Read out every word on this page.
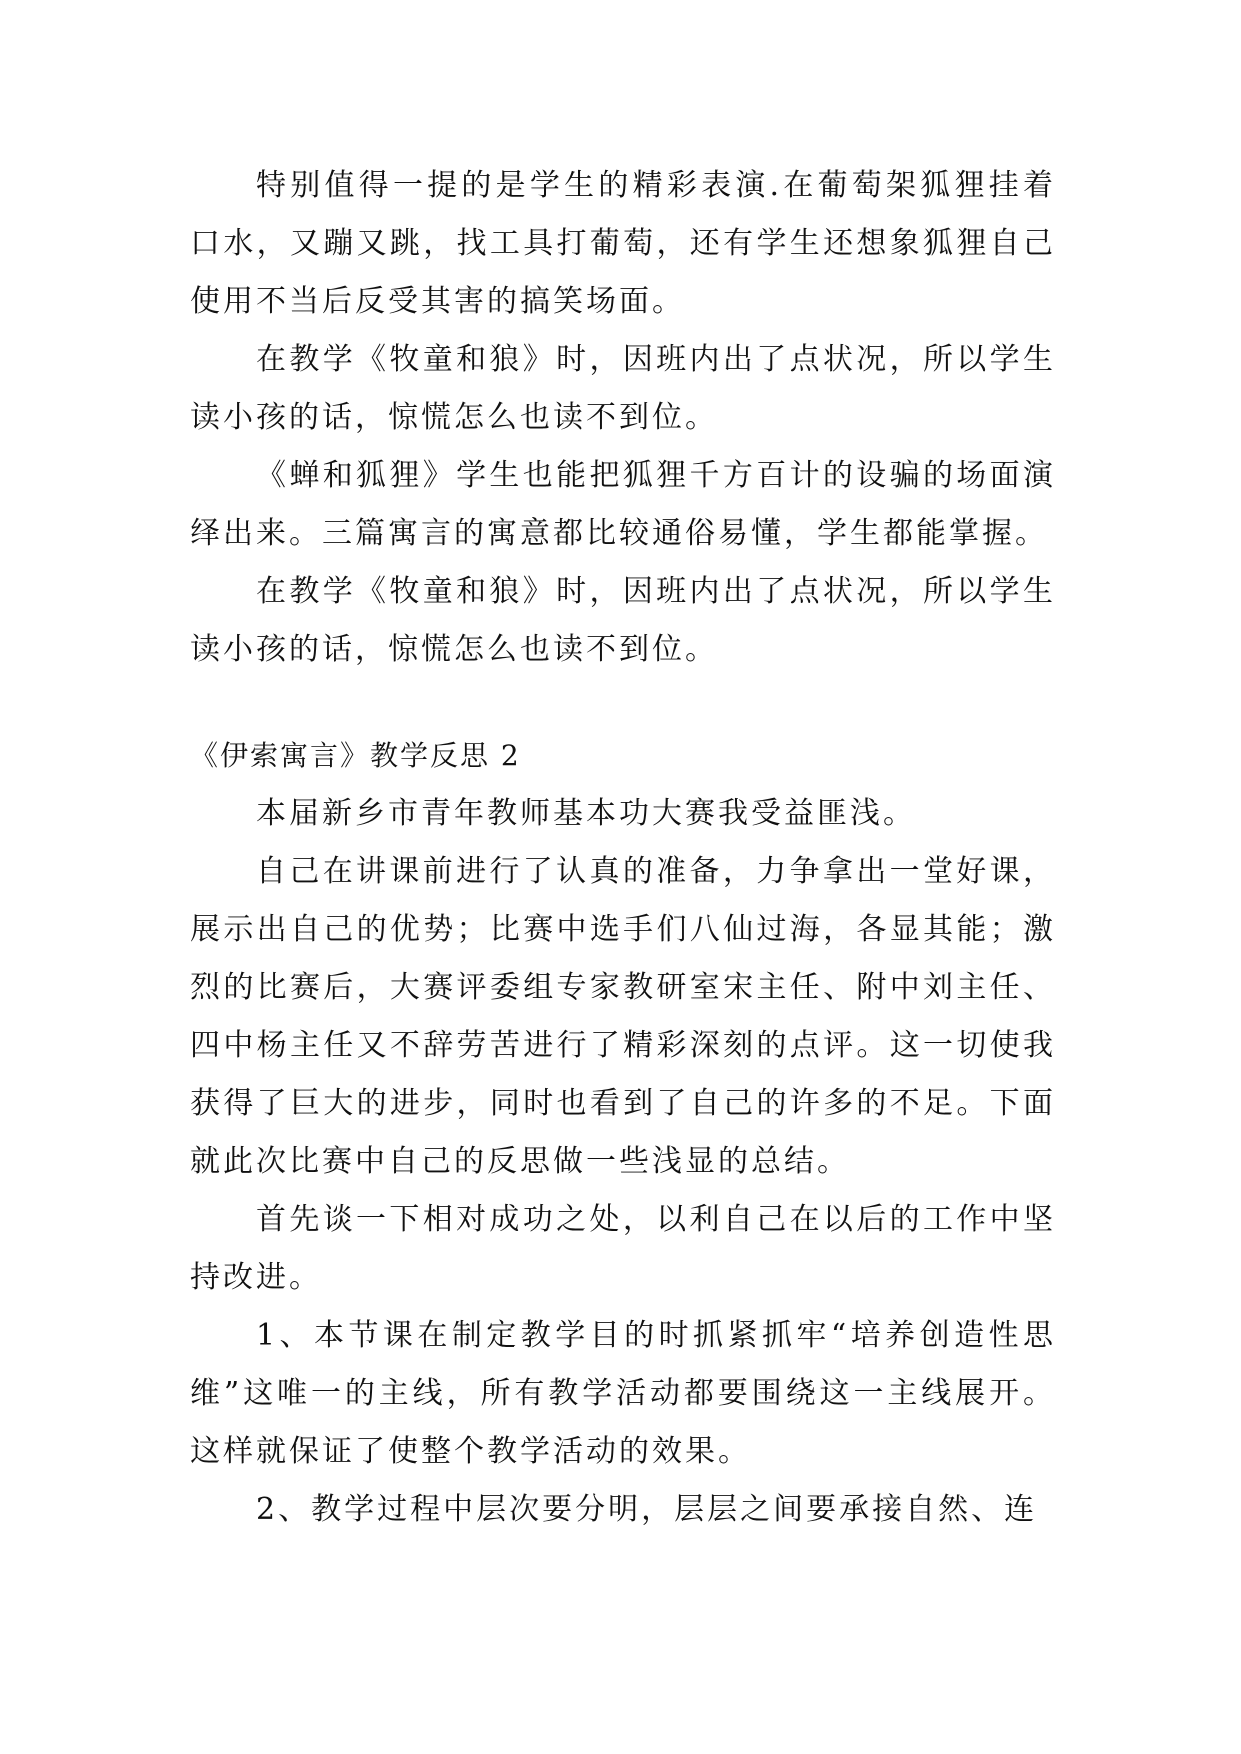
特别值得一提的是学生的精彩表演.在葡萄架狐狸挂着口水，又蹦又跳，找工具打葡萄，还有学生还想象狐狸自己使用不当后反受其害的搞笑场面。

在教学《牧童和狼》时，因班内出了点状况，所以学生读小孩的话，惊慌怎么也读不到位。

《蝉和狐狸》学生也能把狐狸千方百计的设骗的场面演绎出来。三篇寓言的寓意都比较通俗易懂，学生都能掌握。

在教学《牧童和狼》时，因班内出了点状况，所以学生读小孩的话，惊慌怎么也读不到位。

《伊索寓言》教学反思 2

本届新乡市青年教师基本功大赛我受益匪浅。

自己在讲课前进行了认真的准备，力争拿出一堂好课，展示出自己的优势；比赛中选手们八仙过海，各显其能；激烈的比赛后，大赛评委组专家教研室宋主任、附中刘主任、四中杨主任又不辞劳苦进行了精彩深刻的点评。这一切使我获得了巨大的进步，同时也看到了自己的许多的不足。下面就此次比赛中自己的反思做一些浅显的总结。

首先谈一下相对成功之处，以利自己在以后的工作中坚持改进。

1、本节课在制定教学目的时抓紧抓牢“培养创造性思维”这唯一的主线，所有教学活动都要围绕这一主线展开。这样就保证了使整个教学活动的效果。

2、教学过程中层次要分明，层层之间要承接自然、连
